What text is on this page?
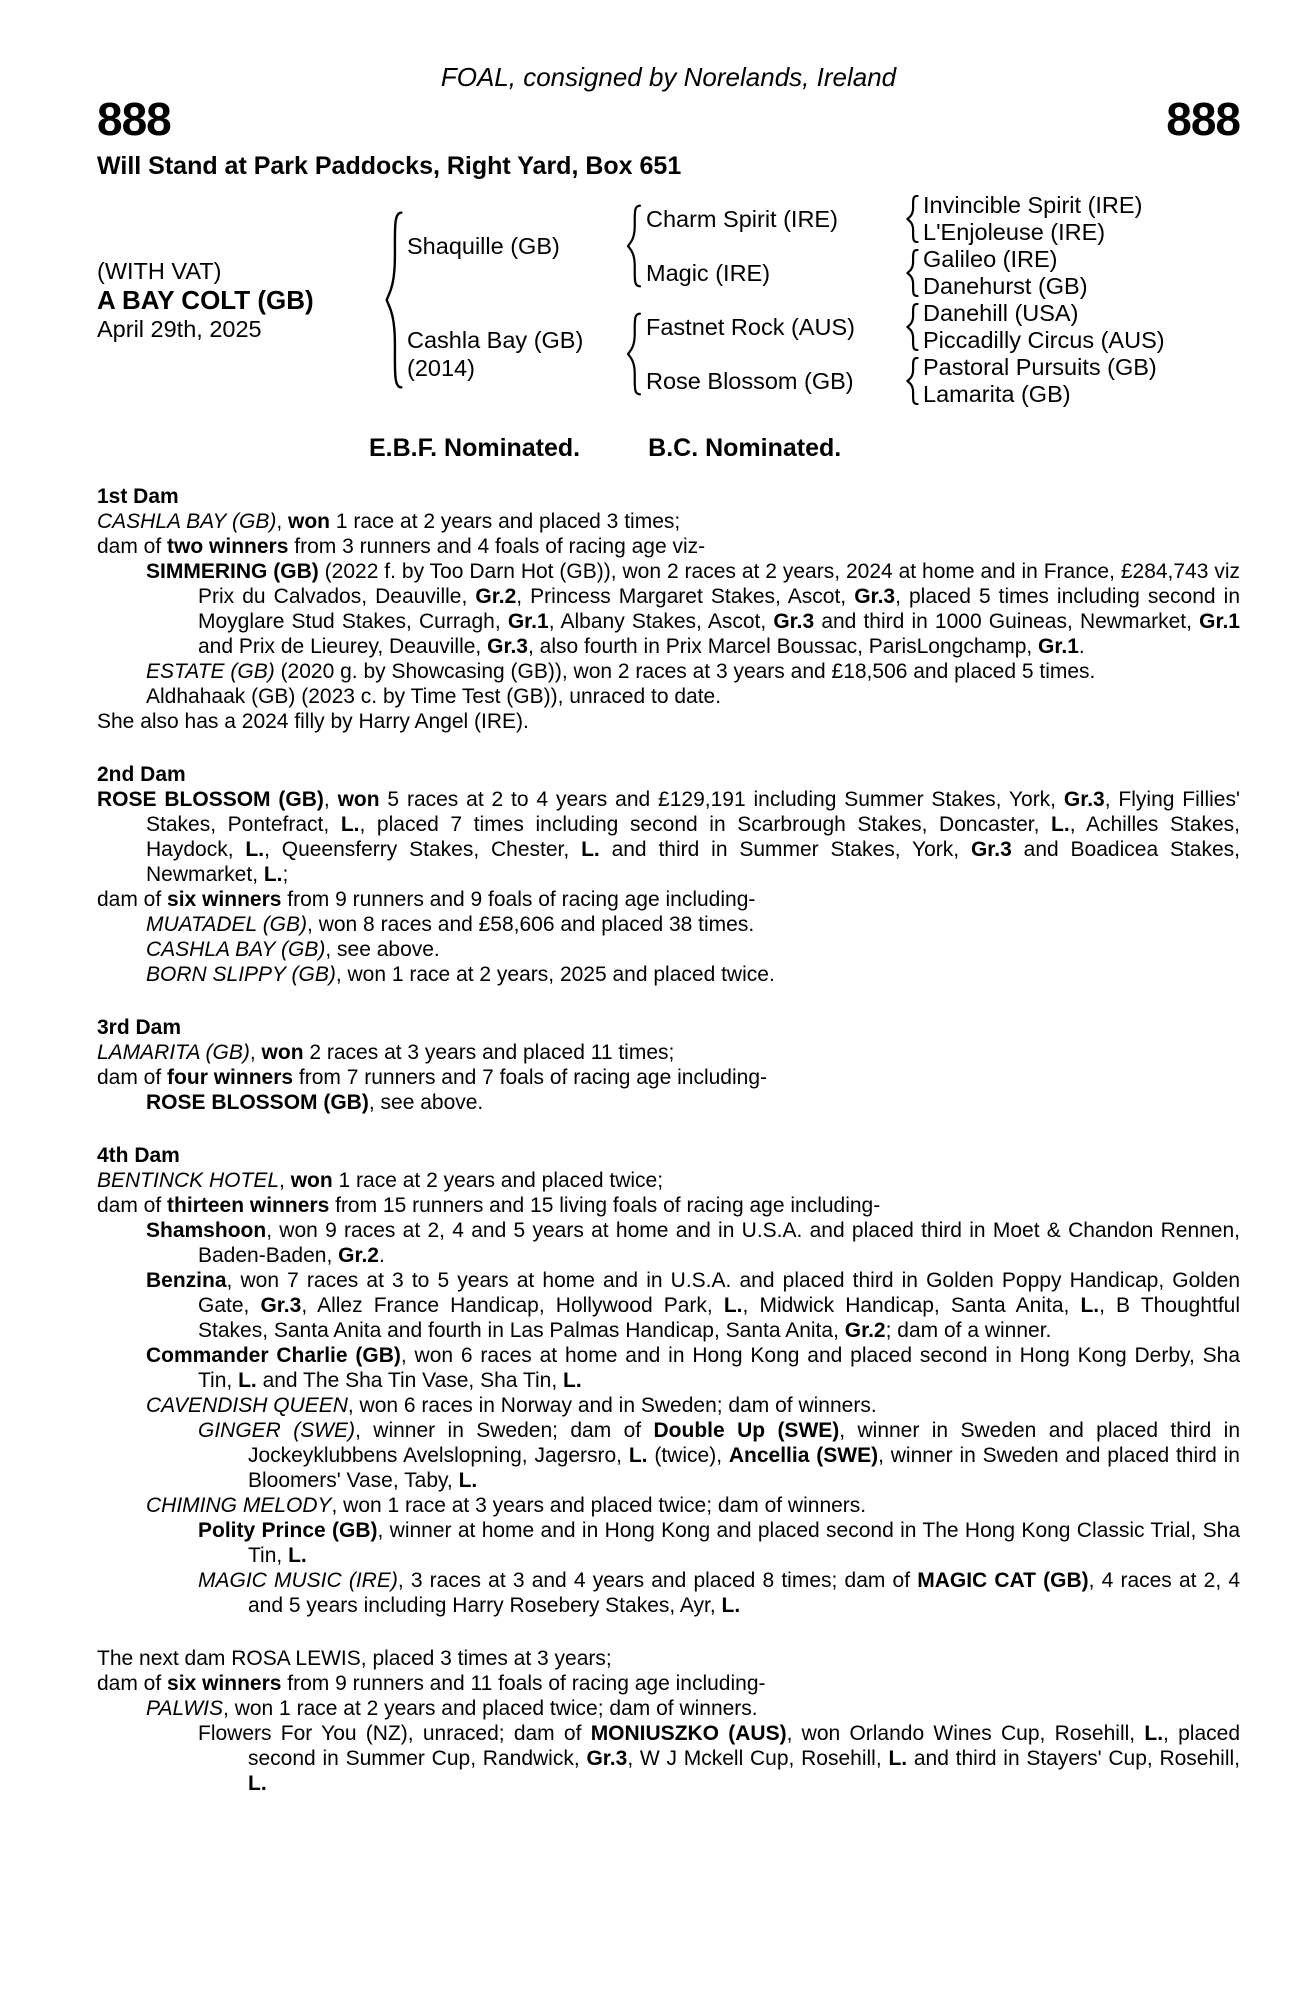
FOAL, consigned by Norelands, Ireland
888	888
Will Stand at Park Paddocks, Right Yard, Box 651
(WITH VAT)
A BAY COLT (GB)
April 29th, 2025
Shaquille (GB)
Charm Spirit (IRE)
Invincible Spirit (IRE)
L'Enjoleuse (IRE)
Magic (IRE)
Galileo (IRE)
Danehurst (GB)
Cashla Bay (GB)
(2014)
Fastnet Rock (AUS)
Danehill (USA)
Piccadilly Circus (AUS)
Rose Blossom (GB)
Pastoral Pursuits (GB)
Lamarita (GB)
E.B.F. Nominated.	B.C. Nominated.
1st Dam

CASHLA BAY (GB), won 1 race at 2 years and placed 3 times;

dam of two winners from 3 runners and 4 foals of racing age viz-

SIMMERING (GB) (2022 f. by Too Darn Hot (GB)), won 2 races at 2 years, 2024 at home and in France, £284,743 viz Prix du Calvados, Deauville, Gr.2, Princess Margaret Stakes, Ascot, Gr.3, placed 5 times including second in Moyglare Stud Stakes, Curragh, Gr.1, Albany Stakes, Ascot, Gr.3 and third in 1000 Guineas, Newmarket, Gr.1 and Prix de Lieurey, Deauville, Gr.3, also fourth in Prix Marcel Boussac, ParisLongchamp, Gr.1.

ESTATE (GB) (2020 g. by Showcasing (GB)), won 2 races at 3 years and £18,506 and placed 5 times.

Aldhahaak (GB) (2023 c. by Time Test (GB)), unraced to date.

She also has a 2024 filly by Harry Angel (IRE).

2nd Dam

ROSE BLOSSOM (GB), won 5 races at 2 to 4 years and £129,191 including Summer Stakes, York, Gr.3, Flying Fillies' Stakes, Pontefract, L., placed 7 times including second in Scarbrough Stakes, Doncaster, L., Achilles Stakes, Haydock, L., Queensferry Stakes, Chester, L. and third in Summer Stakes, York, Gr.3 and Boadicea Stakes, Newmarket, L.;

dam of six winners from 9 runners and 9 foals of racing age including-

MUATADEL (GB), won 8 races and £58,606 and placed 38 times.

CASHLA BAY (GB), see above.

BORN SLIPPY (GB), won 1 race at 2 years, 2025 and placed twice.

3rd Dam

LAMARITA (GB), won 2 races at 3 years and placed 11 times;

dam of four winners from 7 runners and 7 foals of racing age including-

ROSE BLOSSOM (GB), see above.

4th Dam

BENTINCK HOTEL, won 1 race at 2 years and placed twice;

dam of thirteen winners from 15 runners and 15 living foals of racing age including-

Shamshoon, won 9 races at 2, 4 and 5 years at home and in U.S.A. and placed third in Moet & Chandon Rennen, Baden-Baden, Gr.2.

Benzina, won 7 races at 3 to 5 years at home and in U.S.A. and placed third in Golden Poppy Handicap, Golden Gate, Gr.3, Allez France Handicap, Hollywood Park, L., Midwick Handicap, Santa Anita, L., B Thoughtful Stakes, Santa Anita and fourth in Las Palmas Handicap, Santa Anita, Gr.2; dam of a winner.

Commander Charlie (GB), won 6 races at home and in Hong Kong and placed second in Hong Kong Derby, Sha Tin, L. and The Sha Tin Vase, Sha Tin, L.

CAVENDISH QUEEN, won 6 races in Norway and in Sweden; dam of winners.

GINGER (SWE), winner in Sweden; dam of Double Up (SWE), winner in Sweden and placed third in Jockeyklubbens Avelslopning, Jagersro, L. (twice), Ancellia (SWE), winner in Sweden and placed third in Bloomers' Vase, Taby, L.

CHIMING MELODY, won 1 race at 3 years and placed twice; dam of winners.

Polity Prince (GB), winner at home and in Hong Kong and placed second in The Hong Kong Classic Trial, Sha Tin, L.

MAGIC MUSIC (IRE), 3 races at 3 and 4 years and placed 8 times; dam of MAGIC CAT (GB), 4 races at 2, 4 and 5 years including Harry Rosebery Stakes, Ayr, L.

The next dam ROSA LEWIS, placed 3 times at 3 years;

dam of six winners from 9 runners and 11 foals of racing age including-

PALWIS, won 1 race at 2 years and placed twice; dam of winners.

Flowers For You (NZ), unraced; dam of MONIUSZKO (AUS), won Orlando Wines Cup, Rosehill, L., placed second in Summer Cup, Randwick, Gr.3, W J Mckell Cup, Rosehill, L. and third in Stayers' Cup, Rosehill, L.
